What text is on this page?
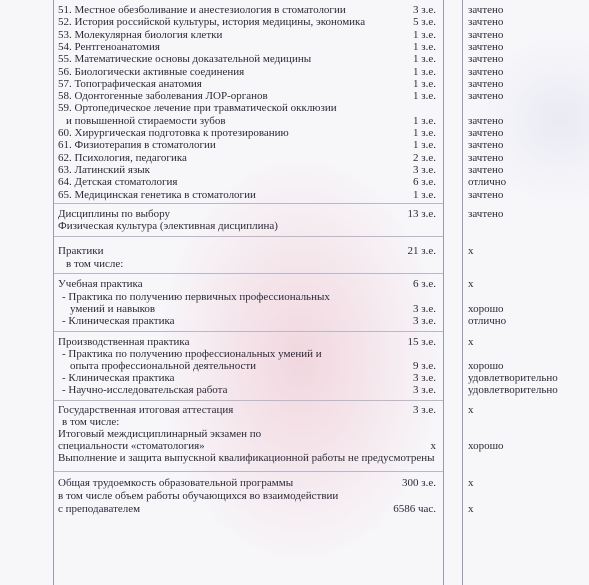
51. Местное обезболивание и анестезиология в стоматологии	3 з.е.	зачтено
52. История российской культуры, история медицины, экономика	5 з.е.	зачтено
53. Молекулярная биология клетки	1 з.е.	зачтено
54. Рентгеноанатомия	1 з.е.	зачтено
55. Математические основы доказательной медицины	1 з.е.	зачтено
56. Биологически активные соединения	1 з.е.	зачтено
57. Топографическая анатомия	1 з.е.	зачтено
58. Одонтогенные заболевания ЛОР-органов	1 з.е.	зачтено
59. Ортопедическое лечение при травматической окклюзии
и повышенной стираемости зубов	1 з.е.	зачтено
60. Хирургическая подготовка к протезированию	1 з.е.	зачтено
61. Физиотерапия в стоматологии	1 з.е.	зачтено
62. Психология, педагогика	2 з.е.	зачтено
63. Латинский язык	3 з.е.	зачтено
64. Детская стоматология	6 з.е.	отлично
65. Медицинская генетика в стоматологии	1 з.е.	зачтено
Дисциплины по выбору	13 з.е.	зачтено
Физическая культура (элективная дисциплина)
Практики	21 з.е.	x
в том числе:
Учебная практика	6 з.е.	x
- Практика по получению первичных профессиональных
умений и навыков	3 з.е.	хорошо
- Клиническая практика	3 з.е.	отлично
Производственная практика	15 з.е.	x
- Практика по получению профессиональных умений и
опыта профессиональной деятельности	9 з.е.	хорошо
- Клиническая практика	3 з.е.	удовлетворительно
- Научно-исследовательская работа	3 з.е.	удовлетворительно
Государственная итоговая аттестация	3 з.е.	x
в том числе:
Итоговый междисциплинарный экзамен по
специальности «стоматология»	x	хорошо
Выполнение и защита выпускной квалификационной работы не предусмотрены
Общая трудоемкость образовательной программы	300 з.е.	x
в том числе объем работы обучающихся во взаимодействии
с преподавателем	6586 час.	x
